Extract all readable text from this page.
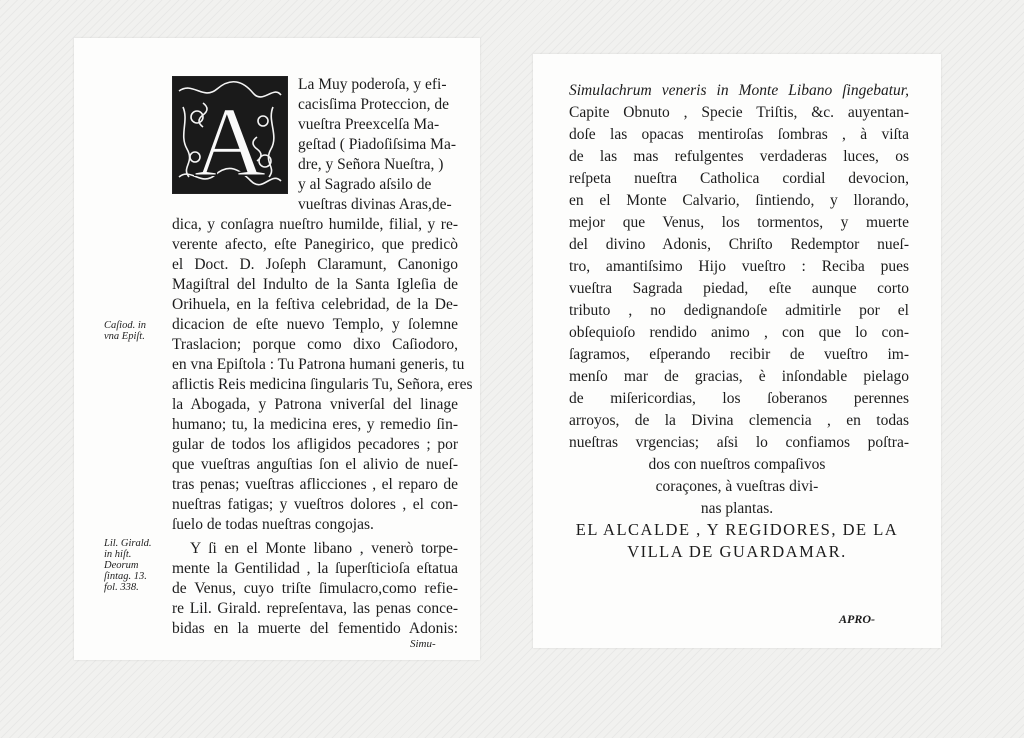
A
La Muy poderoſa, y efi-
cacisſima Proteccion, de
vueſtra Preexcelſa Ma-
geſtad ( Piadoſiſsima Ma-
dre, y Señora Nueſtra, )
y al Sagrado aſsilo de
vueſtras divinas Aras,de-
dica, y conſagra nueſtro humilde, filial, y re-
verente afecto, eſte Panegirico, que predicò
el Doct. D. Joſeph Claramunt, Canonigo
Magiſtral del Indulto de la Santa Igleſia de
Orihuela, en la feſtiva celebridad, de la De-
dicacion de eſte nuevo Templo, y ſolemne
Traslacion; porque como dixo Caſiodoro,
en vna Epiſtola : Tu Patrona humani generis, tu
aflictis Reis medicina ſingularis Tu, Señora, eres
la Abogada, y Patrona vniverſal del linage
humano; tu, la medicina eres, y remedio ſin-
gular de todos los afligidos pecadores ; por
que vueſtras anguſtias ſon el alivio de nueſ-
tras penas; vueſtras aflicciones , el reparo de
nueſtras fatigas; y vueſtros dolores , el con-
ſuelo de todas nueſtras congojas.
Y ſi en el Monte libano , venerò torpe-
mente la Gentilidad , la ſuperſticioſa eſtatua
de Venus, cuyo triſte ſimulacro,como refie-
re Lil. Girald. repreſentava, las penas conce-
bidas en la muerte del fementido Adonis:
Simu-
Caſiod. in
vna Epiſt.
Lil. Girald.
in hiſt.
Deorum
ſintag. 13.
fol. 338.
Simulachrum veneris in Monte Libano ſingebatur,
Capite Obnuto , Specie Triſtis, &c. auyentan-
doſe las opacas mentiroſas ſombras , à viſta
de las mas refulgentes verdaderas luces, os
reſpeta nueſtra Catholica cordial devocion,
en el Monte Calvario, ſintiendo, y llorando,
mejor que Venus, los tormentos, y muerte
del divino Adonis, Chriſto Redemptor nueſ-
tro, amantiſsimo Hijo vueſtro : Reciba pues
vueſtra Sagrada piedad, eſte aunque corto
tributo , no dedignandoſe admitirle por el
obſequioſo rendido animo , con que lo con-
ſagramos, eſperando recibir de vueſtro im-
menſo mar de gracias, è inſondable pielago
de miſericordias, los ſoberanos perennes
arroyos, de la Divina clemencia , en todas
nueſtras vrgencias; aſsi lo confiamos poſtra-
dos con nueſtros compaſivos
coraçones, à vueſtras divi-
nas plantas.
EL ALCALDE , Y REGIDORES, DE LA
VILLA DE GUARDAMAR.
APRO-
